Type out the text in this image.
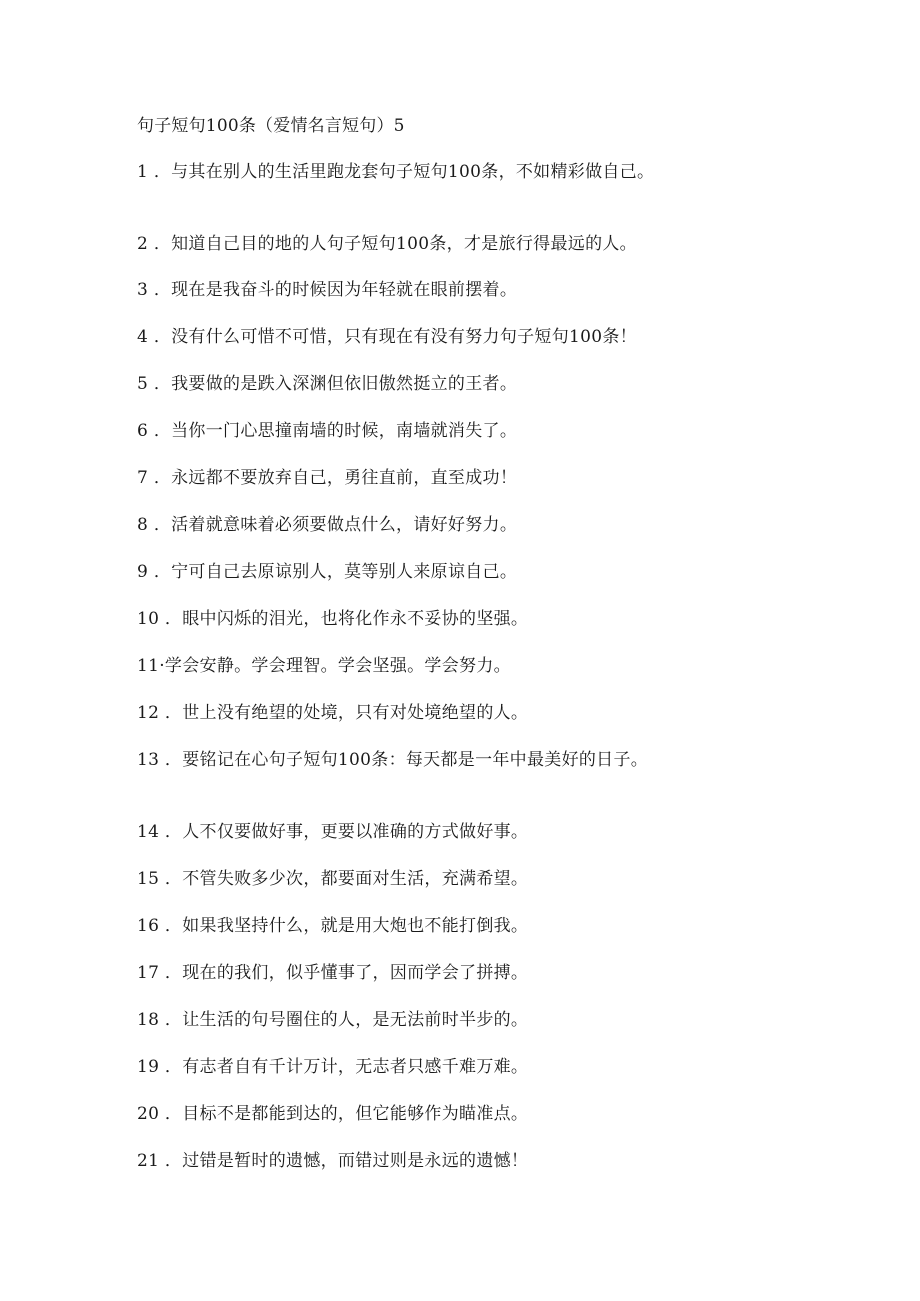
句子短句100条（爱情名言短句）5
1 ．与其在别人的生活里跑龙套句子短句100条，不如精彩做自己。
2 ．知道自己目的地的人句子短句100条，才是旅行得最远的人。
3 ．现在是我奋斗的时候因为年轻就在眼前摆着。
4 ．没有什么可惜不可惜，只有现在有没有努力句子短句100条！
5 ．我要做的是跌入深渊但依旧傲然挺立的王者。
6 ．当你一门心思撞南墙的时候，南墙就消失了。
7 ．永远都不要放弃自己，勇往直前，直至成功！
8 ．活着就意味着必须要做点什么，请好好努力。
9 ．宁可自己去原谅别人，莫等别人来原谅自己。
10 ．眼中闪烁的泪光，也将化作永不妥协的坚强。
11·学会安静。学会理智。学会坚强。学会努力。
12 ．世上没有绝望的处境，只有对处境绝望的人。
13 ．要铭记在心句子短句100条：每天都是一年中最美好的日子。
14 ．人不仅要做好事，更要以准确的方式做好事。
15 ．不管失败多少次，都要面对生活，充满希望。
16 ．如果我坚持什么，就是用大炮也不能打倒我。
17 ．现在的我们，似乎懂事了，因而学会了拼搏。
18 ．让生活的句号圈住的人，是无法前时半步的。
19 ．有志者自有千计万计，无志者只感千难万难。
20 ．目标不是都能到达的，但它能够作为瞄准点。
21 ．过错是暂时的遗憾，而错过则是永远的遗憾！
